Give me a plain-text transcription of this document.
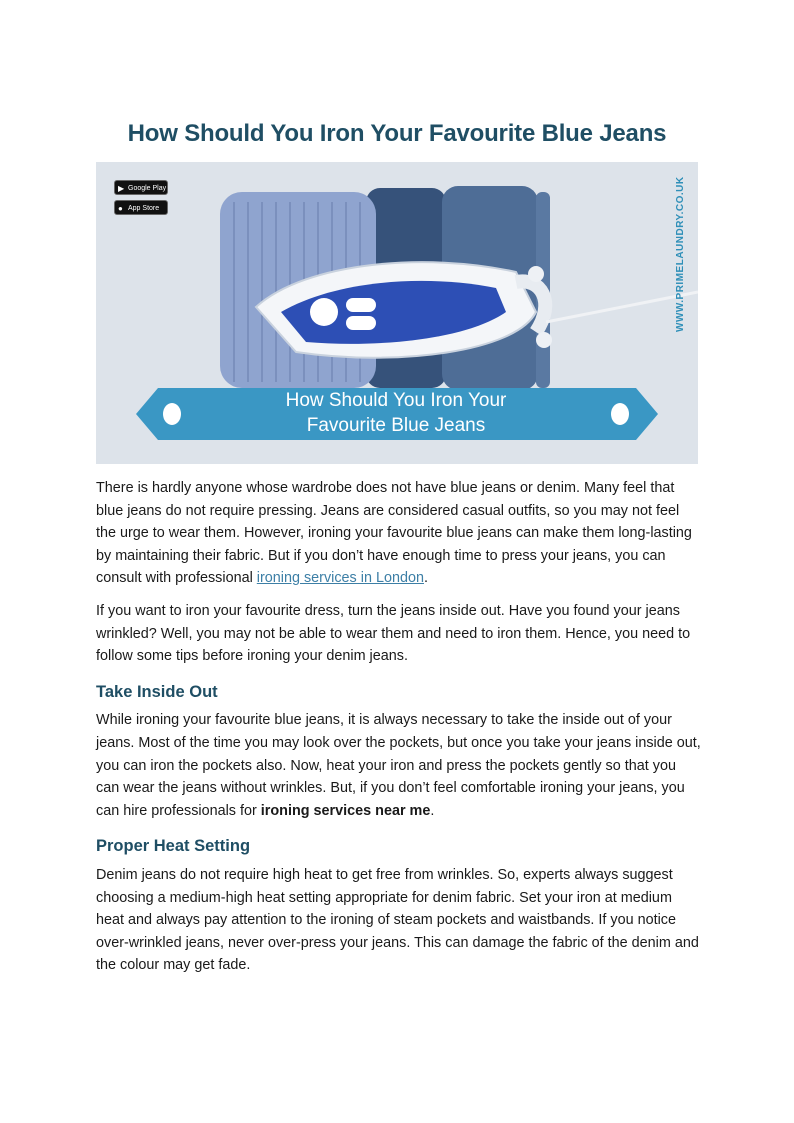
How Should You Iron Your Favourite Blue Jeans
▶ Google Play
● App Store	WWW.PRIMELAUNDRY.CO.UK
How Should You Iron Your
Favourite Blue Jeans

There is hardly anyone whose wardrobe does not have blue jeans or denim. Many feel that blue jeans do not require pressing. Jeans are considered casual outfits, so you may not feel the urge to wear them. However, ironing your favourite blue jeans can make them long-lasting by maintaining their fabric. But if you don’t have enough time to press your jeans, you can consult with professional ironing services in London.

If you want to iron your favourite dress, turn the jeans inside out. Have you found your jeans wrinkled? Well, you may not be able to wear them and need to iron them. Hence, you need to follow some tips before ironing your denim jeans.

Take Inside Out

While ironing your favourite blue jeans, it is always necessary to take the inside out of your jeans. Most of the time you may look over the pockets, but once you take your jeans inside out, you can iron the pockets also. Now, heat your iron and press the pockets gently so that you can wear the jeans without wrinkles. But, if you don’t feel comfortable ironing your jeans, you can hire professionals for ironing services near me.

Proper Heat Setting

Denim jeans do not require high heat to get free from wrinkles. So, experts always suggest choosing a medium-high heat setting appropriate for denim fabric. Set your iron at medium heat and always pay attention to the ironing of steam pockets and waistbands. If you notice over-wrinkled jeans, never over-press your jeans. This can damage the fabric of the denim and the colour may get fade.
